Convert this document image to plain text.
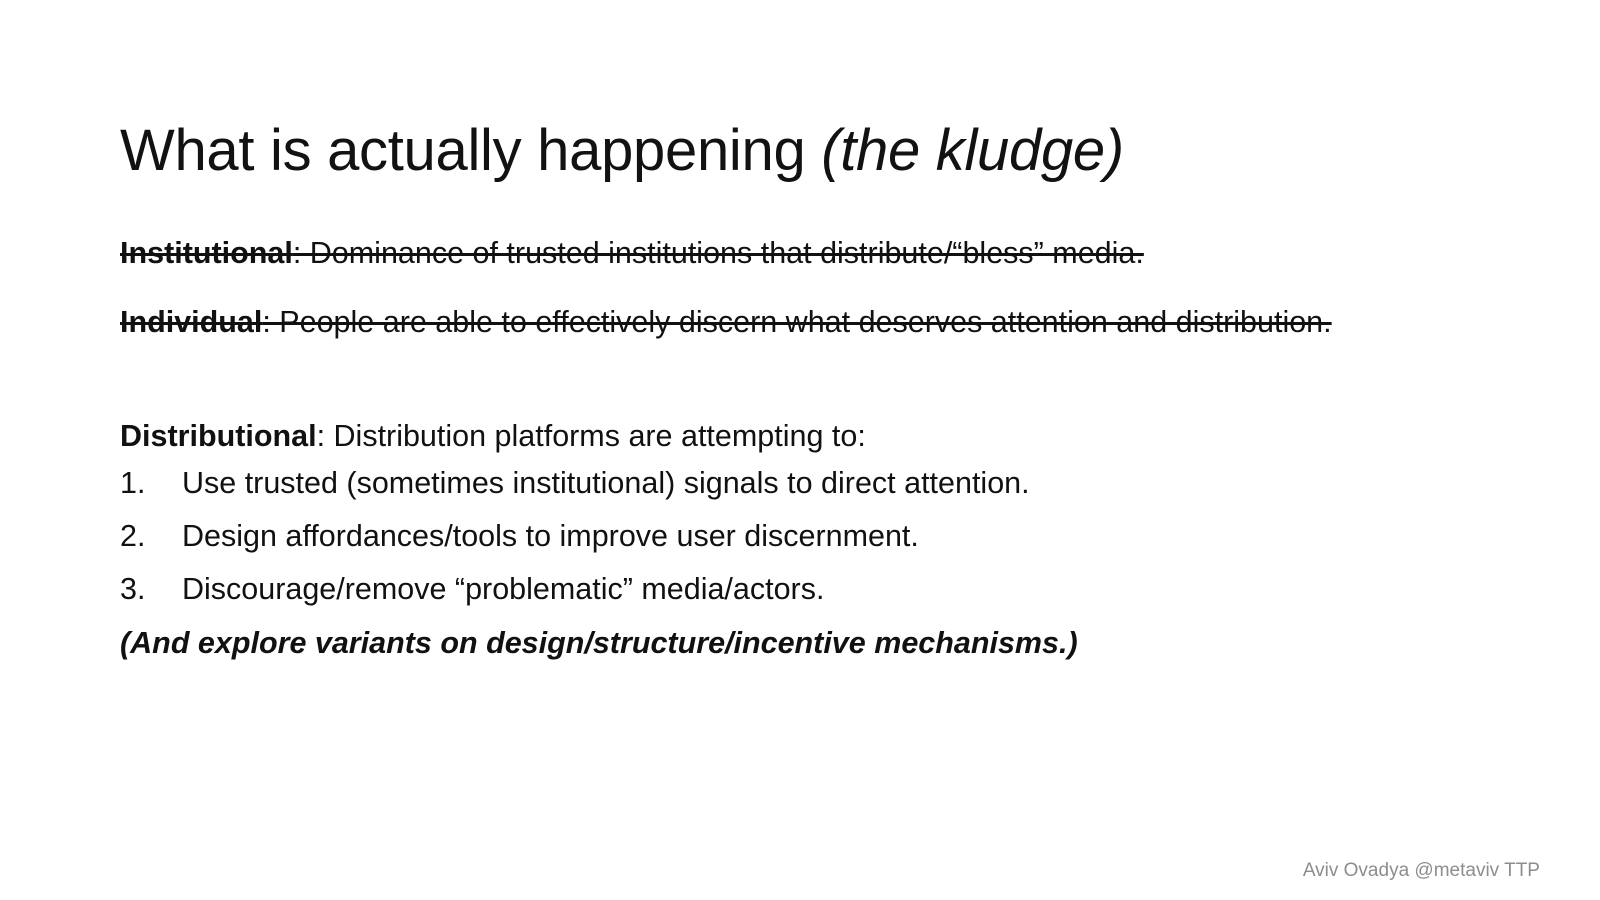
What is actually happening (the kludge)

Institutional: Dominance of trusted institutions that distribute/“bless” media.

Individual: People are able to effectively discern what deserves attention and distribution.

Distributional: Distribution platforms are attempting to:

1.	Use trusted (sometimes institutional) signals to direct attention.
2.	Design affordances/tools to improve user discernment.
3.	Discourage/remove “problematic” media/actors.

(And explore variants on design/structure/incentive mechanisms.)

Aviv Ovadya @metaviv TTP
